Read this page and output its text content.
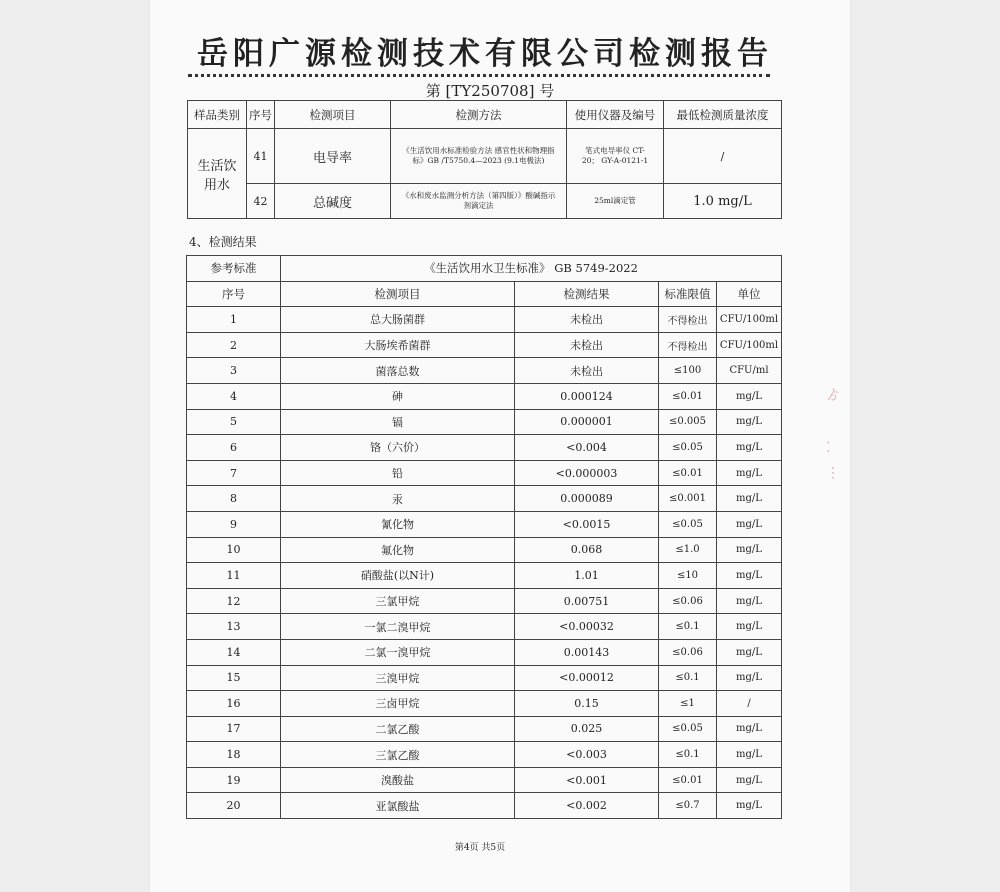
岳阳广源检测技术有限公司检测报告
第 [TY250708] 号
样品类别	序号	检测项目	检测方法	使用仪器及编号	最低检测质量浓度
生活饮用水	41	电导率	《生活饮用水标准检验方法 感官性状和物理指标》GB /T5750.4—2023 (9.1电极法)	笔式电导率仪 CT-20； GY-A-0121-1	/
	42	总碱度	《水和废水监测分析方法（第四版）》酸碱指示剂滴定法	25ml滴定管	1.0 mg/L
4、检测结果
参考标准	《生活饮用水卫生标准》 GB 5749-2022			
序号	检测项目	检测结果	标准限值	单位
1	总大肠菌群	未检出	不得检出	CFU/100ml
2	大肠埃希菌群	未检出	不得检出	CFU/100ml
3	菌落总数	未检出	≤100	CFU/ml
4	砷	0.000124	≤0.01	mg/L
5	镉	0.000001	≤0.005	mg/L
6	铬（六价）	<0.004	≤0.05	mg/L
7	铅	<0.000003	≤0.01	mg/L
8	汞	0.000089	≤0.001	mg/L
9	氰化物	<0.0015	≤0.05	mg/L
10	氟化物	0.068	≤1.0	mg/L
11	硝酸盐(以N计)	1.01	≤10	mg/L
12	三氯甲烷	0.00751	≤0.06	mg/L
13	一氯二溴甲烷	<0.00032	≤0.1	mg/L
14	二氯一溴甲烷	0.00143	≤0.06	mg/L
15	三溴甲烷	<0.00012	≤0.1	mg/L
16	三卤甲烷	0.15	≤1	/
17	二氯乙酸	0.025	≤0.05	mg/L
18	三氯乙酸	<0.003	≤0.1	mg/L
19	溴酸盐	<0.001	≤0.01	mg/L
20	亚氯酸盐	<0.002	≤0.7	mg/L
第4页 共5页
ゟ
⁚
⋮
